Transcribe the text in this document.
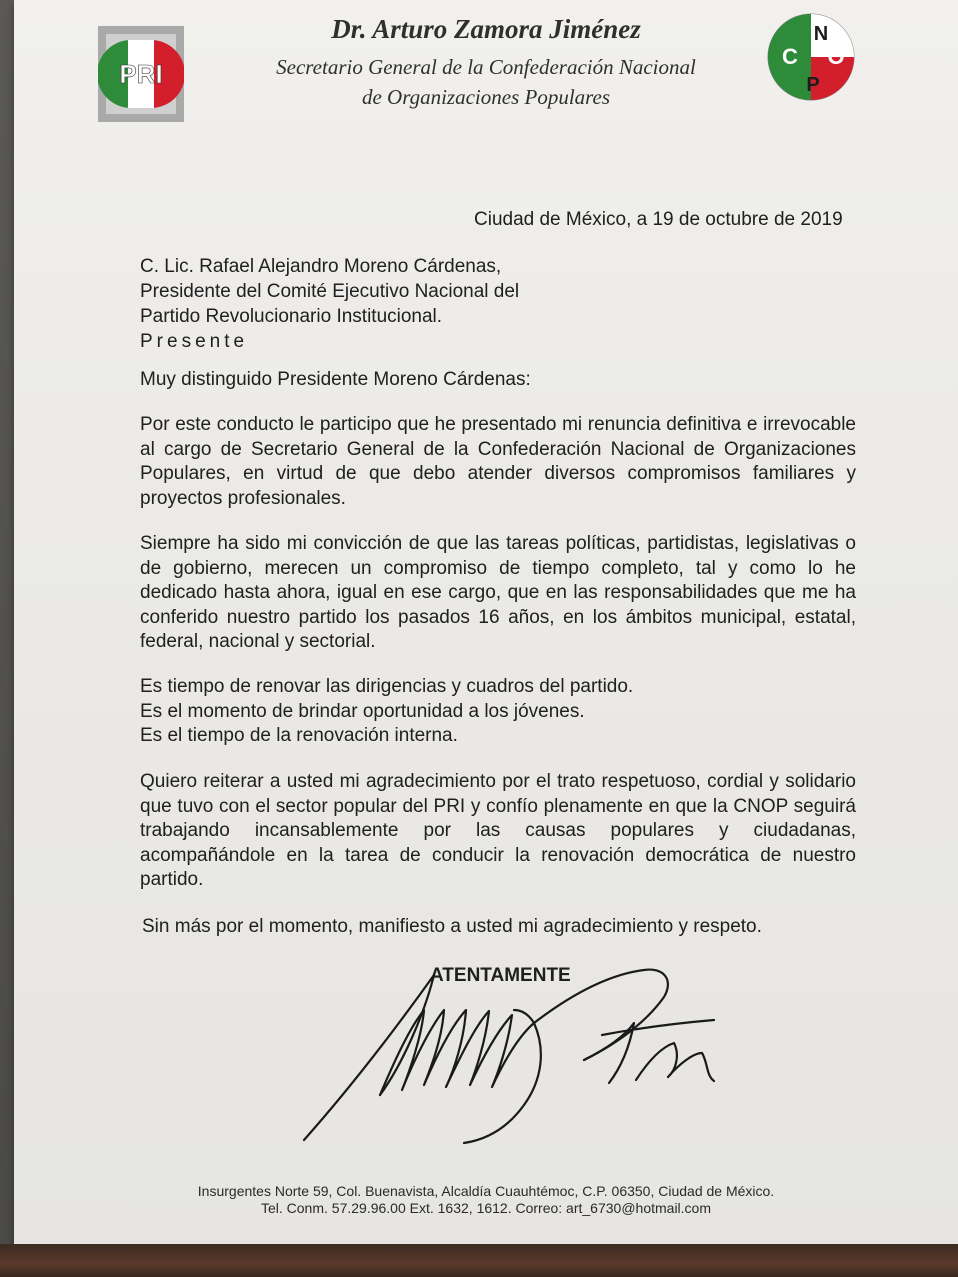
PRI
N
C O
P
Dr. Arturo Zamora Jiménez
Secretario General de la Confederación Nacional
de Organizaciones Populares
Ciudad de México, a 19 de octubre de 2019
C. Lic. Rafael Alejandro Moreno Cárdenas,
Presidente del Comité Ejecutivo Nacional del
Partido Revolucionario Institucional.
Presente
Muy distinguido Presidente Moreno Cárdenas:
Por este conducto le participo que he presentado mi renuncia definitiva e irrevocable al cargo de Secretario General de la Confederación Nacional de Organizaciones Populares, en virtud de que debo atender diversos compromisos familiares y proyectos profesionales.
Siempre ha sido mi convicción de que las tareas políticas, partidistas, legislativas o de gobierno, merecen un compromiso de tiempo completo, tal y como lo he dedicado hasta ahora, igual en ese cargo, que en las responsabilidades que me ha conferido nuestro partido los pasados 16 años, en los ámbitos municipal, estatal, federal, nacional y sectorial.
Es tiempo de renovar las dirigencias y cuadros del partido.
Es el momento de brindar oportunidad a los jóvenes.
Es el tiempo de la renovación interna.
Quiero reiterar a usted mi agradecimiento por el trato respetuoso, cordial y solidario que tuvo con el sector popular del PRI y confío plenamente en que la CNOP seguirá trabajando incansablemente por las causas populares y ciudadanas, acompañándole en la tarea de conducir la renovación democrática de nuestro partido.
Sin más por el momento, manifiesto a usted mi agradecimiento y respeto.
ATENTAMENTE
Insurgentes Norte 59, Col. Buenavista, Alcaldía Cuauhtémoc, C.P. 06350, Ciudad de México.
Tel. Conm. 57.29.96.00 Ext. 1632, 1612. Correo: art_6730@hotmail.com
